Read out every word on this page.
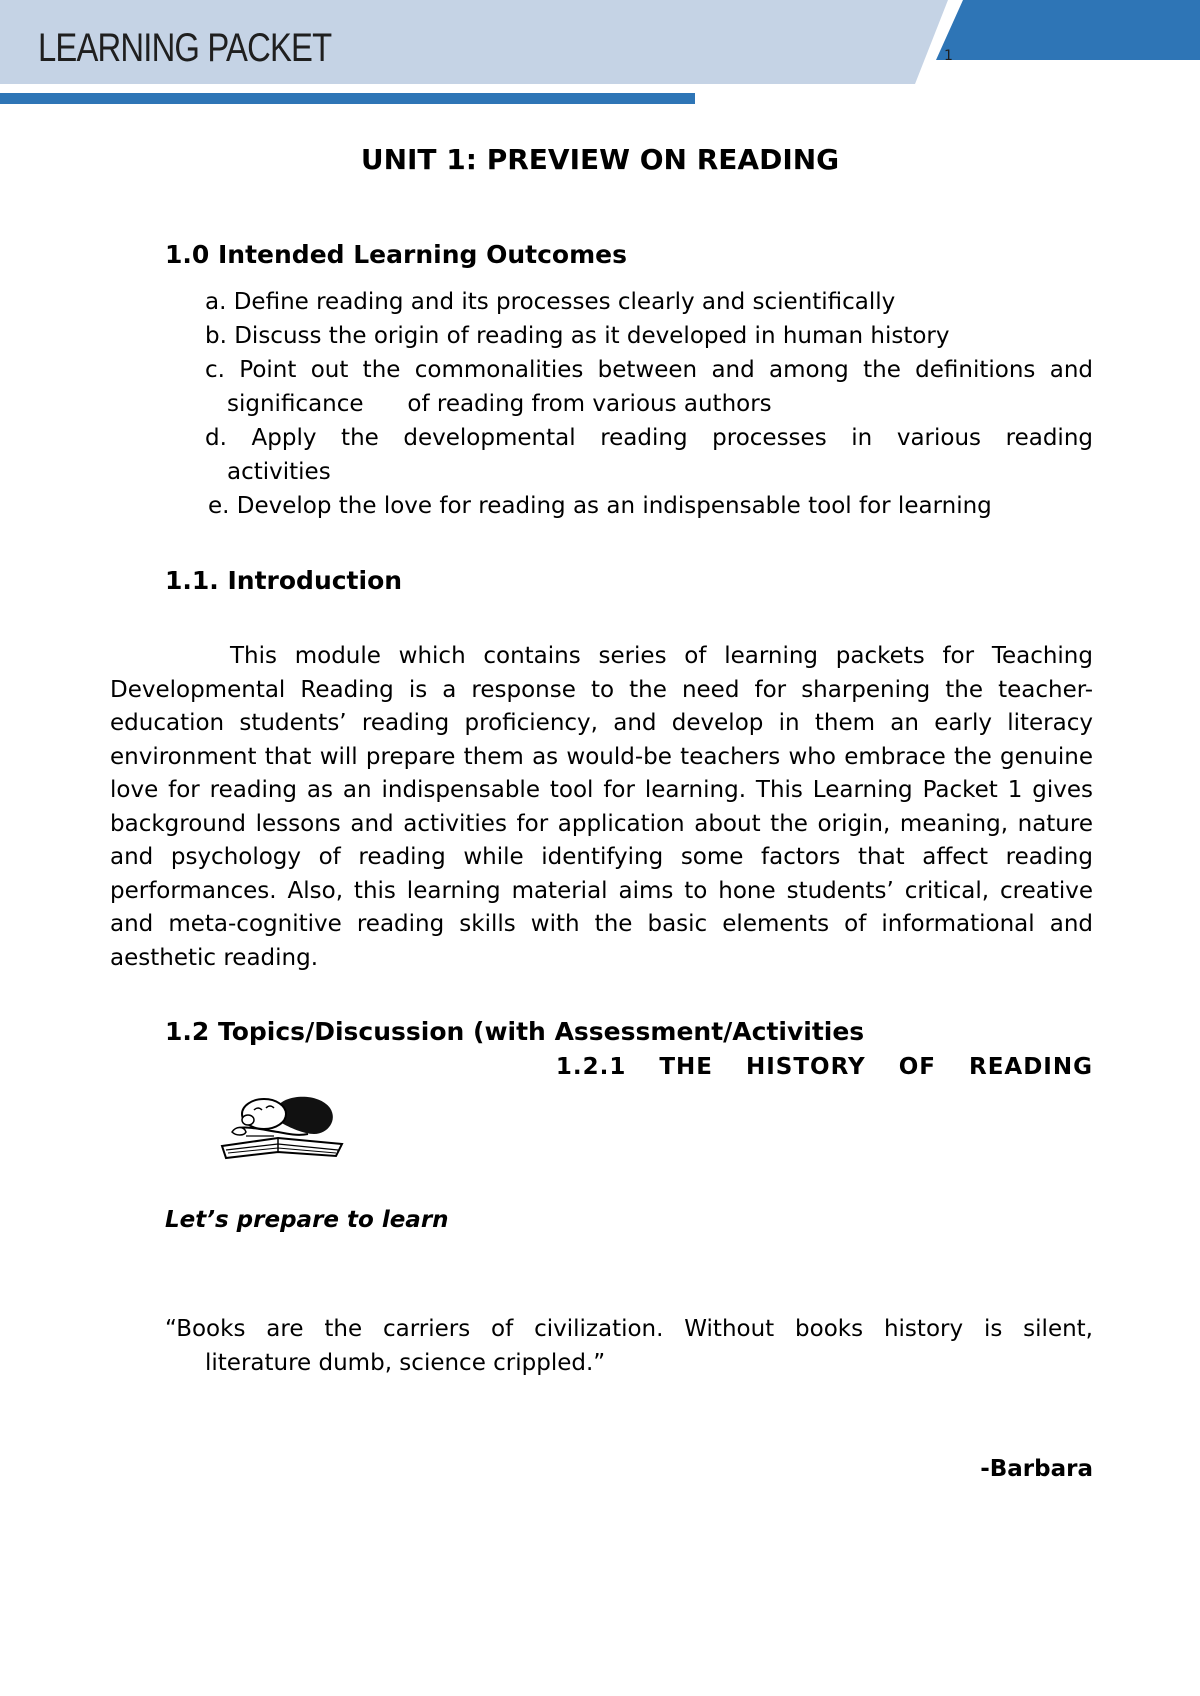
LEARNING PACKET	1
UNIT 1: PREVIEW ON READING
1.0 Intended Learning Outcomes
a. Define reading and its processes clearly and scientifically
b. Discuss the origin of reading as it developed in human history
c. Point out the commonalities between and among the definitions and
significance      of reading from various authors
d. Apply the developmental reading processes in various reading
activities
e. Develop the love for reading as an indispensable tool for learning
1.1. Introduction
This module which contains series of learning packets for Teaching Developmental Reading is a response to the need for sharpening the teacher-education students’ reading proficiency, and develop in them an early literacy environment that will prepare them as would-be teachers who embrace the genuine love for reading as an indispensable tool for learning. This Learning Packet 1 gives background lessons and activities for application about the origin, meaning, nature and psychology of reading while identifying some factors that affect reading performances. Also, this learning material aims to hone students’ critical, creative and meta-cognitive reading skills with the basic elements of informational and aesthetic reading.
1.2 Topics/Discussion (with Assessment/Activities
1.2.1 THE HISTORY OF READING
Let’s prepare to learn
“Books are the carriers of civilization. Without books history is silent,
literature dumb, science crippled.”
-Barbara
